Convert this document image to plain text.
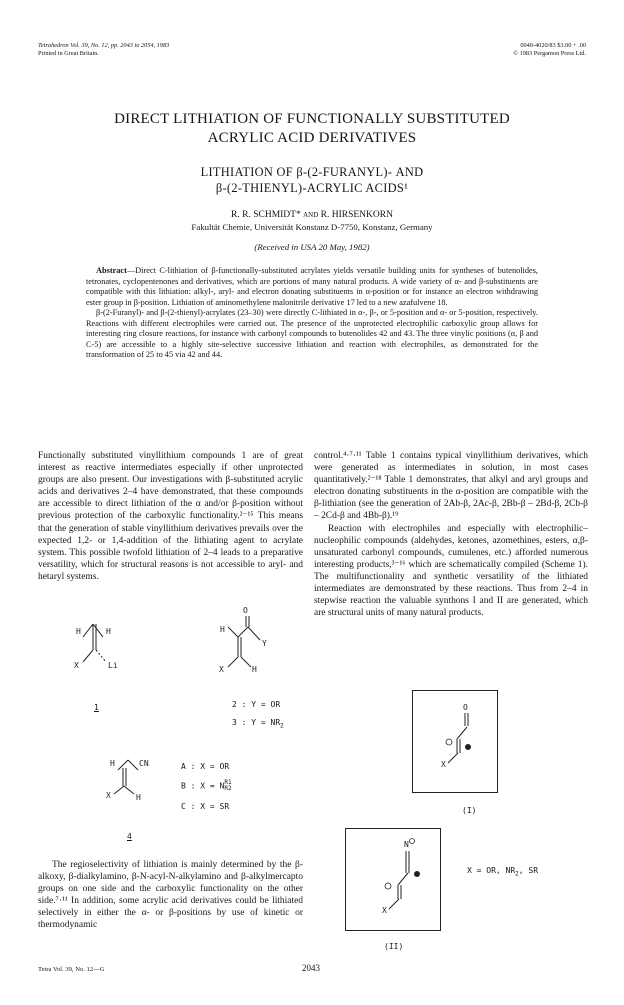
Tetrahedron Vol. 39, No. 12, pp. 2043 to 2054, 1983
Printed in Great Britain.
0040-4020/83 $3.00 + .00
© 1983 Pergamon Press Ltd.
DIRECT LITHIATION OF FUNCTIONALLY SUBSTITUTED
ACRYLIC ACID DERIVATIVES
LITHIATION OF β-(2-FURANYL)- AND
β-(2-THIENYL)-ACRYLIC ACIDS¹
R. R. SCHMIDT* and R. HIRSENKORN
Fakultät Chemie, Universität Konstanz D-7750, Konstanz, Germany
(Received in USA 20 May, 1982)

Abstract—Direct C-lithiation of β-functionally-substituted acrylates yields versatile building units for syntheses of butenolides, tetronates, cyclopentenones and derivatives, which are portions of many natural products. A wide variety of α- and β-substituents are compatible with this lithiation: alkyl-, aryl- and electron donating substituents in α-position or for instance an electron withdrawing ester group in β-position. Lithiation of aminomethylene malonitrile derivative 17 led to a new azafulvene 18.

β-(2-Furanyl)- and β-(2-thienyl)-acrylates (23–30) were directly C-lithiated in α-, β-, or 5-position and α- or 5-position, respectively. Reactions with different electrophiles were carried out. The presence of the unprotected electrophilic carboxylic group allows for interesting ring closure reactions, for instance with carbonyl compounds to butenolides 42 and 43. The three vinylic positions (α, β and C-5) are accessible to a highly site-selective successive lithiation and reaction with electrophiles, as demonstrated for the transformation of 25 to 45 via 42 and 44.

Functionally substituted vinyllithium compounds 1 are of great interest as reactive intermediates especially if other unprotected groups are also present. Our investigations with β-substituted acrylic acids and derivatives 2–4 have demonstrated, that these compounds are accessible to direct lithiation of the α and/or β-position without previous protection of the carboxylic functionality.²⁻¹⁵ This means that the generation of stable vinyllithium derivatives prevails over the expected 1,2- or 1,4-addition of the lithiating agent to acrylate system. This possible twofold lithiation of 2–4 leads to a preparative versatility, which for structural reasons is not accessible to aryl- and hetaryl systems.

H	H
X	Li
O
H
Y
X	H
H	CN
X	H
1	2 : Y = OR
3 : $Y = NR_2$
A : X = OR
B : X = N R1
R2
C : X = SR
4

The regioselectivity of lithiation is mainly determined by the β-alkoxy, β-dialkylamino, β-N-acyl-N-alkylamino and β-alkylmercapto groups on one side and the carboxylic functionality on the other side.⁷·¹¹ In addition, some acrylic acid derivatives could be lithiated selectively in either the α- or β-positions by use of kinetic or thermodynamic

control.⁴·⁷·¹¹ Table 1 contains typical vinyllithium derivatives, which were generated as intermediates in solution, in most cases quantitatively.²⁻¹⁸ Table 1 demonstrates, that alkyl and aryl groups and electron donating substituents in the α-position are compatible with the β-lithiation (see the generation of 2Ab-β, 2Ac-β, 2Bb-β – 2Bd-β, 2Cb-β – 2Cd-β and 4Bb-β).¹⁹

Reaction with electrophiles and especially with electrophilic–nucleophilic compounds (aldehydes, ketones, azomethines, esters, α,β-unsaturated carbonyl compounds, cumulenes, etc.) afforded numerous interesting products,³⁻¹⁶ which are schematically compiled (Scheme 1). The multifunctionality and synthetic versatility of the lithiated intermediates are demonstrated by these reactions. Thus from 2–4 in stepwise reaction the valuable synthons I and II are generated, which are structural units of many natural products.

O
X
(I)
N
X
(II)
X = OR, $NR_2$, SR
Tetra Vol. 39, No. 12—G	2043
